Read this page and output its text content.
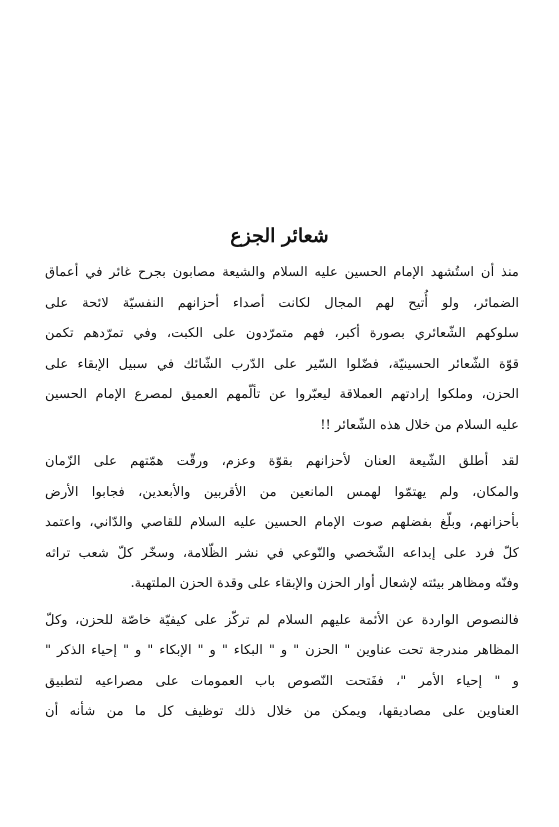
شعائر الجزع
منذ أن استُشهد الإمام الحسين عليه السلام والشيعة مصابون بجرح غائر في أعماق
الضمائر، ولو أُتيح لهم المجال لكانت أصداء أحزانهم النفسيّة لائحة على
سلوكهم الشّعائري بصورة أكبر، فهم متمرّدون على الكبت، وفي تمرّدهم تكمن
قوّة الشّعائر الحسينيّة، فضّلوا السّير على الدّرب الشّائك في سبيل الإبقاء على
الحزن، وملكوا إرادتهم العملاقة ليعبّروا عن تألّمهم العميق لمصرع الإمام الحسين
عليه السلام من خلال هذه الشّعائر !!
لقد أطلق الشّيعة العنان لأحزانهم بقوّة وعزم، ورقّت همّتهم على الزّمان
والمكان، ولم يهتمّوا لهمس المانعين من الأقربين والأبعدين، فجابوا الأرض
بأحزانهم، وبلّغ بفضلهم صوت الإمام الحسين عليه السلام للقاصي والدّاني، واعتمد
كلّ فرد على إبداعه الشّخصي والنّوعي في نشر الظّلامة، وسخّر كلّ شعب تراثه
وفنّه ومظاهر بيئته لإشعال أوار الحزن والإبقاء على وقدة الحزن الملتهبة.
فالنصوص الواردة عن الأئمة عليهم السلام لم تركّز على كيفيّة خاصّة للحزن، وكلّ
المظاهر مندرجة تحت عناوين " الحزن " و " البكاء " و " الإبكاء " و " إحياء الذكر "
و " إحياء الأمر "، ففَتحت النّصوص باب العمومات على مصراعيه لتطبيق
العناوين على مصاديقها، ويمكن من خلال ذلك توظيف كل ما من شأنه أن
